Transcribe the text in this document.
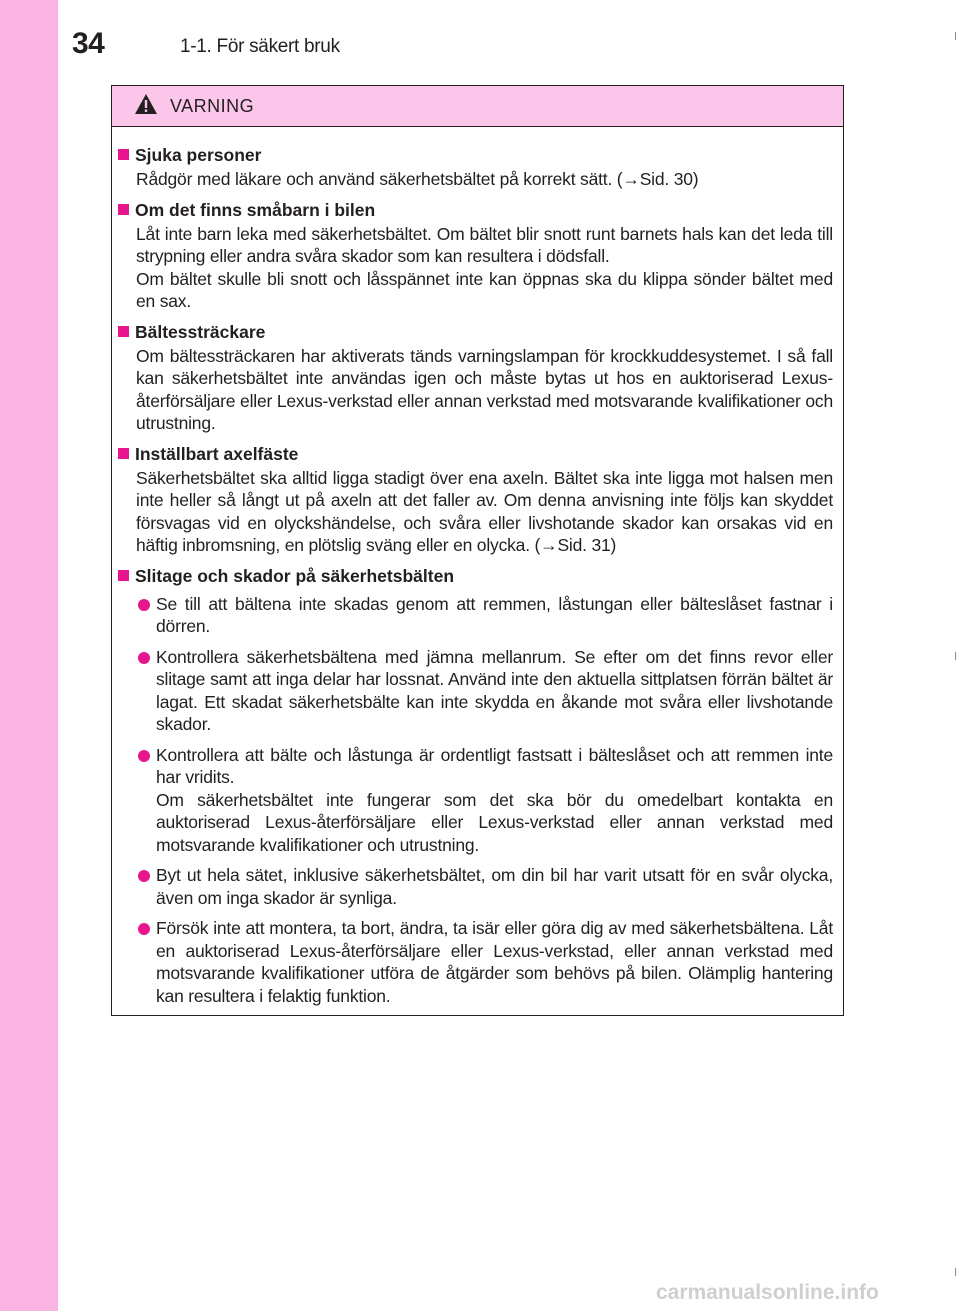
34	1-1. För säkert bruk
VARNING
Sjuka personer
Rådgör med läkare och använd säkerhetsbältet på korrekt sätt. (→Sid. 30)
Om det finns småbarn i bilen
Låt inte barn leka med säkerhetsbältet. Om bältet blir snott runt barnets hals kan det leda till strypning eller andra svåra skador som kan resultera i dödsfall.
Om bältet skulle bli snott och låsspännet inte kan öppnas ska du klippa sönder bältet med en sax.
Bältessträckare
Om bältessträckaren har aktiverats tänds varningslampan för krockkuddesystemet. I så fall kan säkerhetsbältet inte användas igen och måste bytas ut hos en auktoriserad Lexus-återförsäljare eller Lexus-verkstad eller annan verkstad med motsvarande kvalifikationer och utrustning.
Inställbart axelfäste
Säkerhetsbältet ska alltid ligga stadigt över ena axeln. Bältet ska inte ligga mot halsen men inte heller så långt ut på axeln att det faller av. Om denna anvisning inte följs kan skyddet försvagas vid en olyckshändelse, och svåra eller livshotande skador kan orsakas vid en häftig inbromsning, en plötslig sväng eller en olycka. (→Sid. 31)
Slitage och skador på säkerhetsbälten
Se till att bältena inte skadas genom att remmen, låstungan eller bälteslåset fastnar i dörren.
Kontrollera säkerhetsbältena med jämna mellanrum. Se efter om det finns revor eller slitage samt att inga delar har lossnat. Använd inte den aktuella sittplatsen förrän bältet är lagat. Ett skadat säkerhetsbälte kan inte skydda en åkande mot svåra eller livshotande skador.
Kontrollera att bälte och låstunga är ordentligt fastsatt i bälteslåset och att remmen inte har vridits.
Om säkerhetsbältet inte fungerar som det ska bör du omedelbart kontakta en auktoriserad Lexus-återförsäljare eller Lexus-verkstad eller annan verkstad med motsvarande kvalifikationer och utrustning.
Byt ut hela sätet, inklusive säkerhetsbältet, om din bil har varit utsatt för en svår olycka, även om inga skador är synliga.
Försök inte att montera, ta bort, ändra, ta isär eller göra dig av med säkerhetsbältena. Låt en auktoriserad Lexus-återförsäljare eller Lexus-verkstad, eller annan verkstad med motsvarande kvalifikationer utföra de åtgärder som behövs på bilen. Olämplig hantering kan resultera i felaktig funktion.
carmanualsonline.info
